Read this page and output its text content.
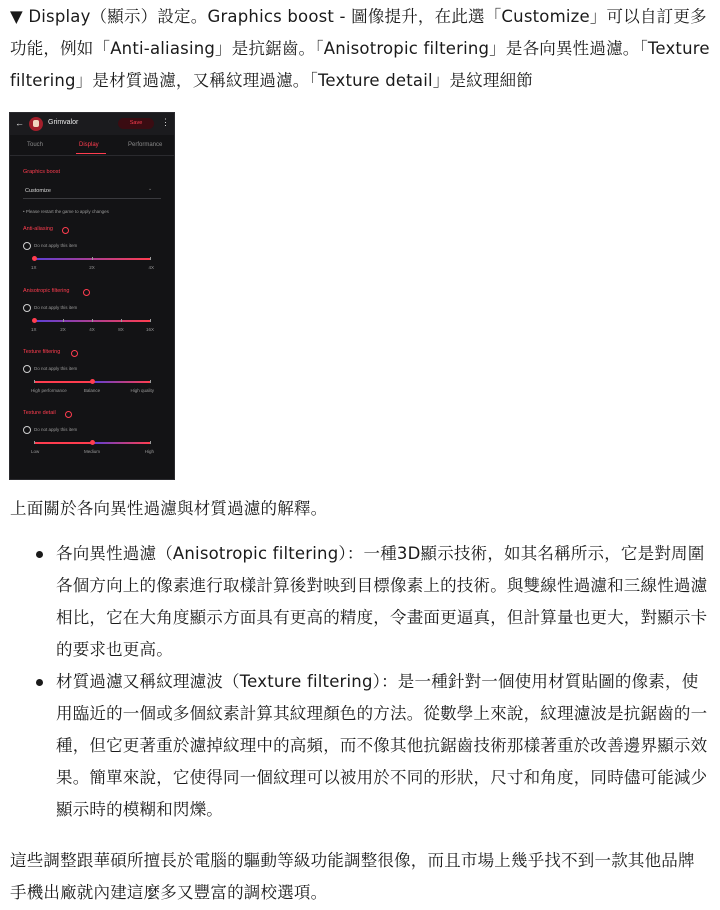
▼ Display（顯示）設定。Graphics boost - 圖像提升，在此選「Customize」可以自訂更多功能，例如「Anti-aliasing」是抗鋸齒。「Anisotropic filtering」是各向異性過濾。「Texture filtering」是材質過濾，又稱紋理過濾。「Texture detail」是紋理細節

←	Grimvalor	Save	⋮
Touch	Display	Performance
Graphics boost
Customize	⌄
• Please restart the game to apply changes
Anti-aliasing
Do not apply this item
1X	2X	4X
Anisotropic filtering
Do not apply this item
1X	2X	4X	8X	16X
Texture filtering
Do not apply this item
High performance	Balance	High quality
Texture detail
Do not apply this item
Low	Medium	High

上面關於各向異性過濾與材質過濾的解釋。

各向異性過濾（Anisotropic filtering）：一種3D顯示技術，如其名稱所示，它是對周圍各個方向上的像素進行取樣計算後對映到目標像素上的技術。與雙線性過濾和三線性過濾相比，它在大角度顯示方面具有更高的精度，令畫面更逼真，但計算量也更大，對顯示卡的要求也更高。
材質過濾又稱紋理濾波（Texture filtering）：是一種針對一個使用材質貼圖的像素，使用臨近的一個或多個紋素計算其紋理顏色的方法。從數學上來說，紋理濾波是抗鋸齒的一種，但它更著重於濾掉紋理中的高頻，而不像其他抗鋸齒技術那樣著重於改善邊界顯示效果。簡單來說，它使得同一個紋理可以被用於不同的形狀，尺寸和角度，同時儘可能減少顯示時的模糊和閃爍。

這些調整跟華碩所擅長於電腦的驅動等級功能調整很像，而且市場上幾乎找不到一款其他品牌手機出廠就內建這麼多又豐富的調校選項。
